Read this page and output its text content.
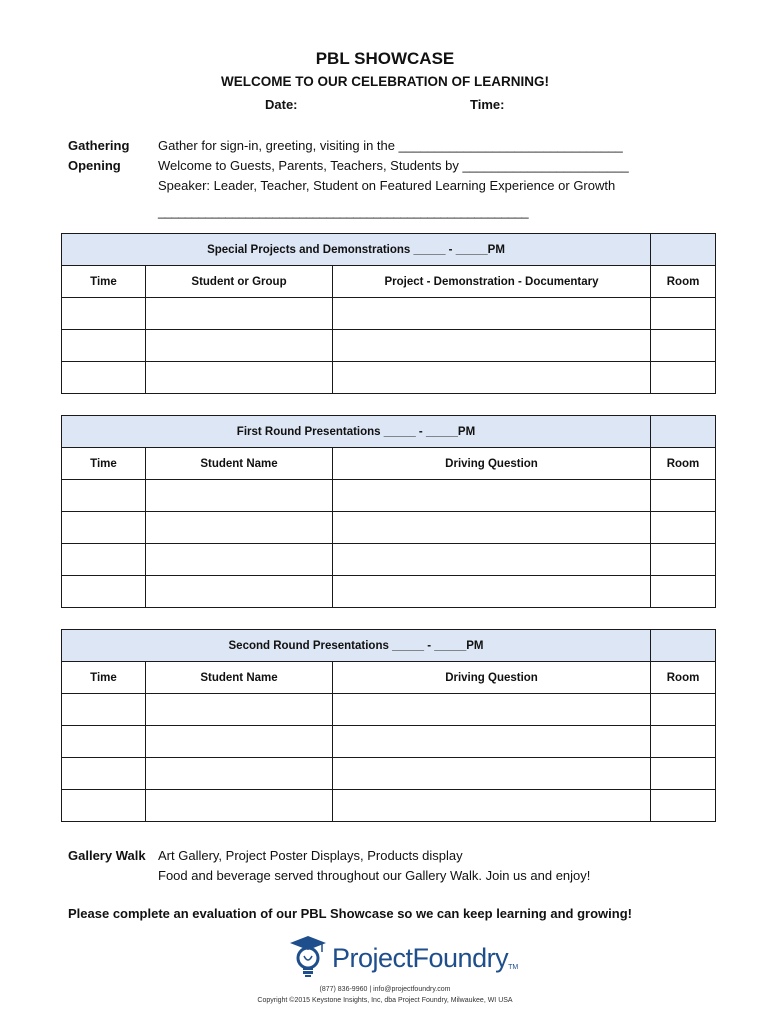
PBL SHOWCASE
WELCOME TO OUR CELEBRATION OF LEARNING!
Date:	Time:
Gathering	Gather for sign-in, greeting, visiting in the _______________________________
Opening	Welcome to Guests, Parents, Teachers, Students by _______________________
Speaker: Leader, Teacher, Student on Featured Learning Experience or Growth
_______________________________________________________
Special Projects and Demonstrations _____ - _____PM			
Time	Student or Group	Project - Demonstration - Documentary	Room

First Round Presentations _____ - _____PM			
Time	Student Name	Driving Question	Room

Second Round Presentations _____ - _____PM			
Time	Student Name	Driving Question	Room

Gallery Walk Art Gallery, Project Poster Displays, Products display
Food and beverage served throughout our Gallery Walk. Join us and enjoy!
Please complete an evaluation of our PBL Showcase so we can keep learning and growing!
ProjectFoundry TM
(877) 836-9960 | info@projectfoundry.com
Copyright ©2015 Keystone Insights, Inc, dba Project Foundry, Milwaukee, WI USA
